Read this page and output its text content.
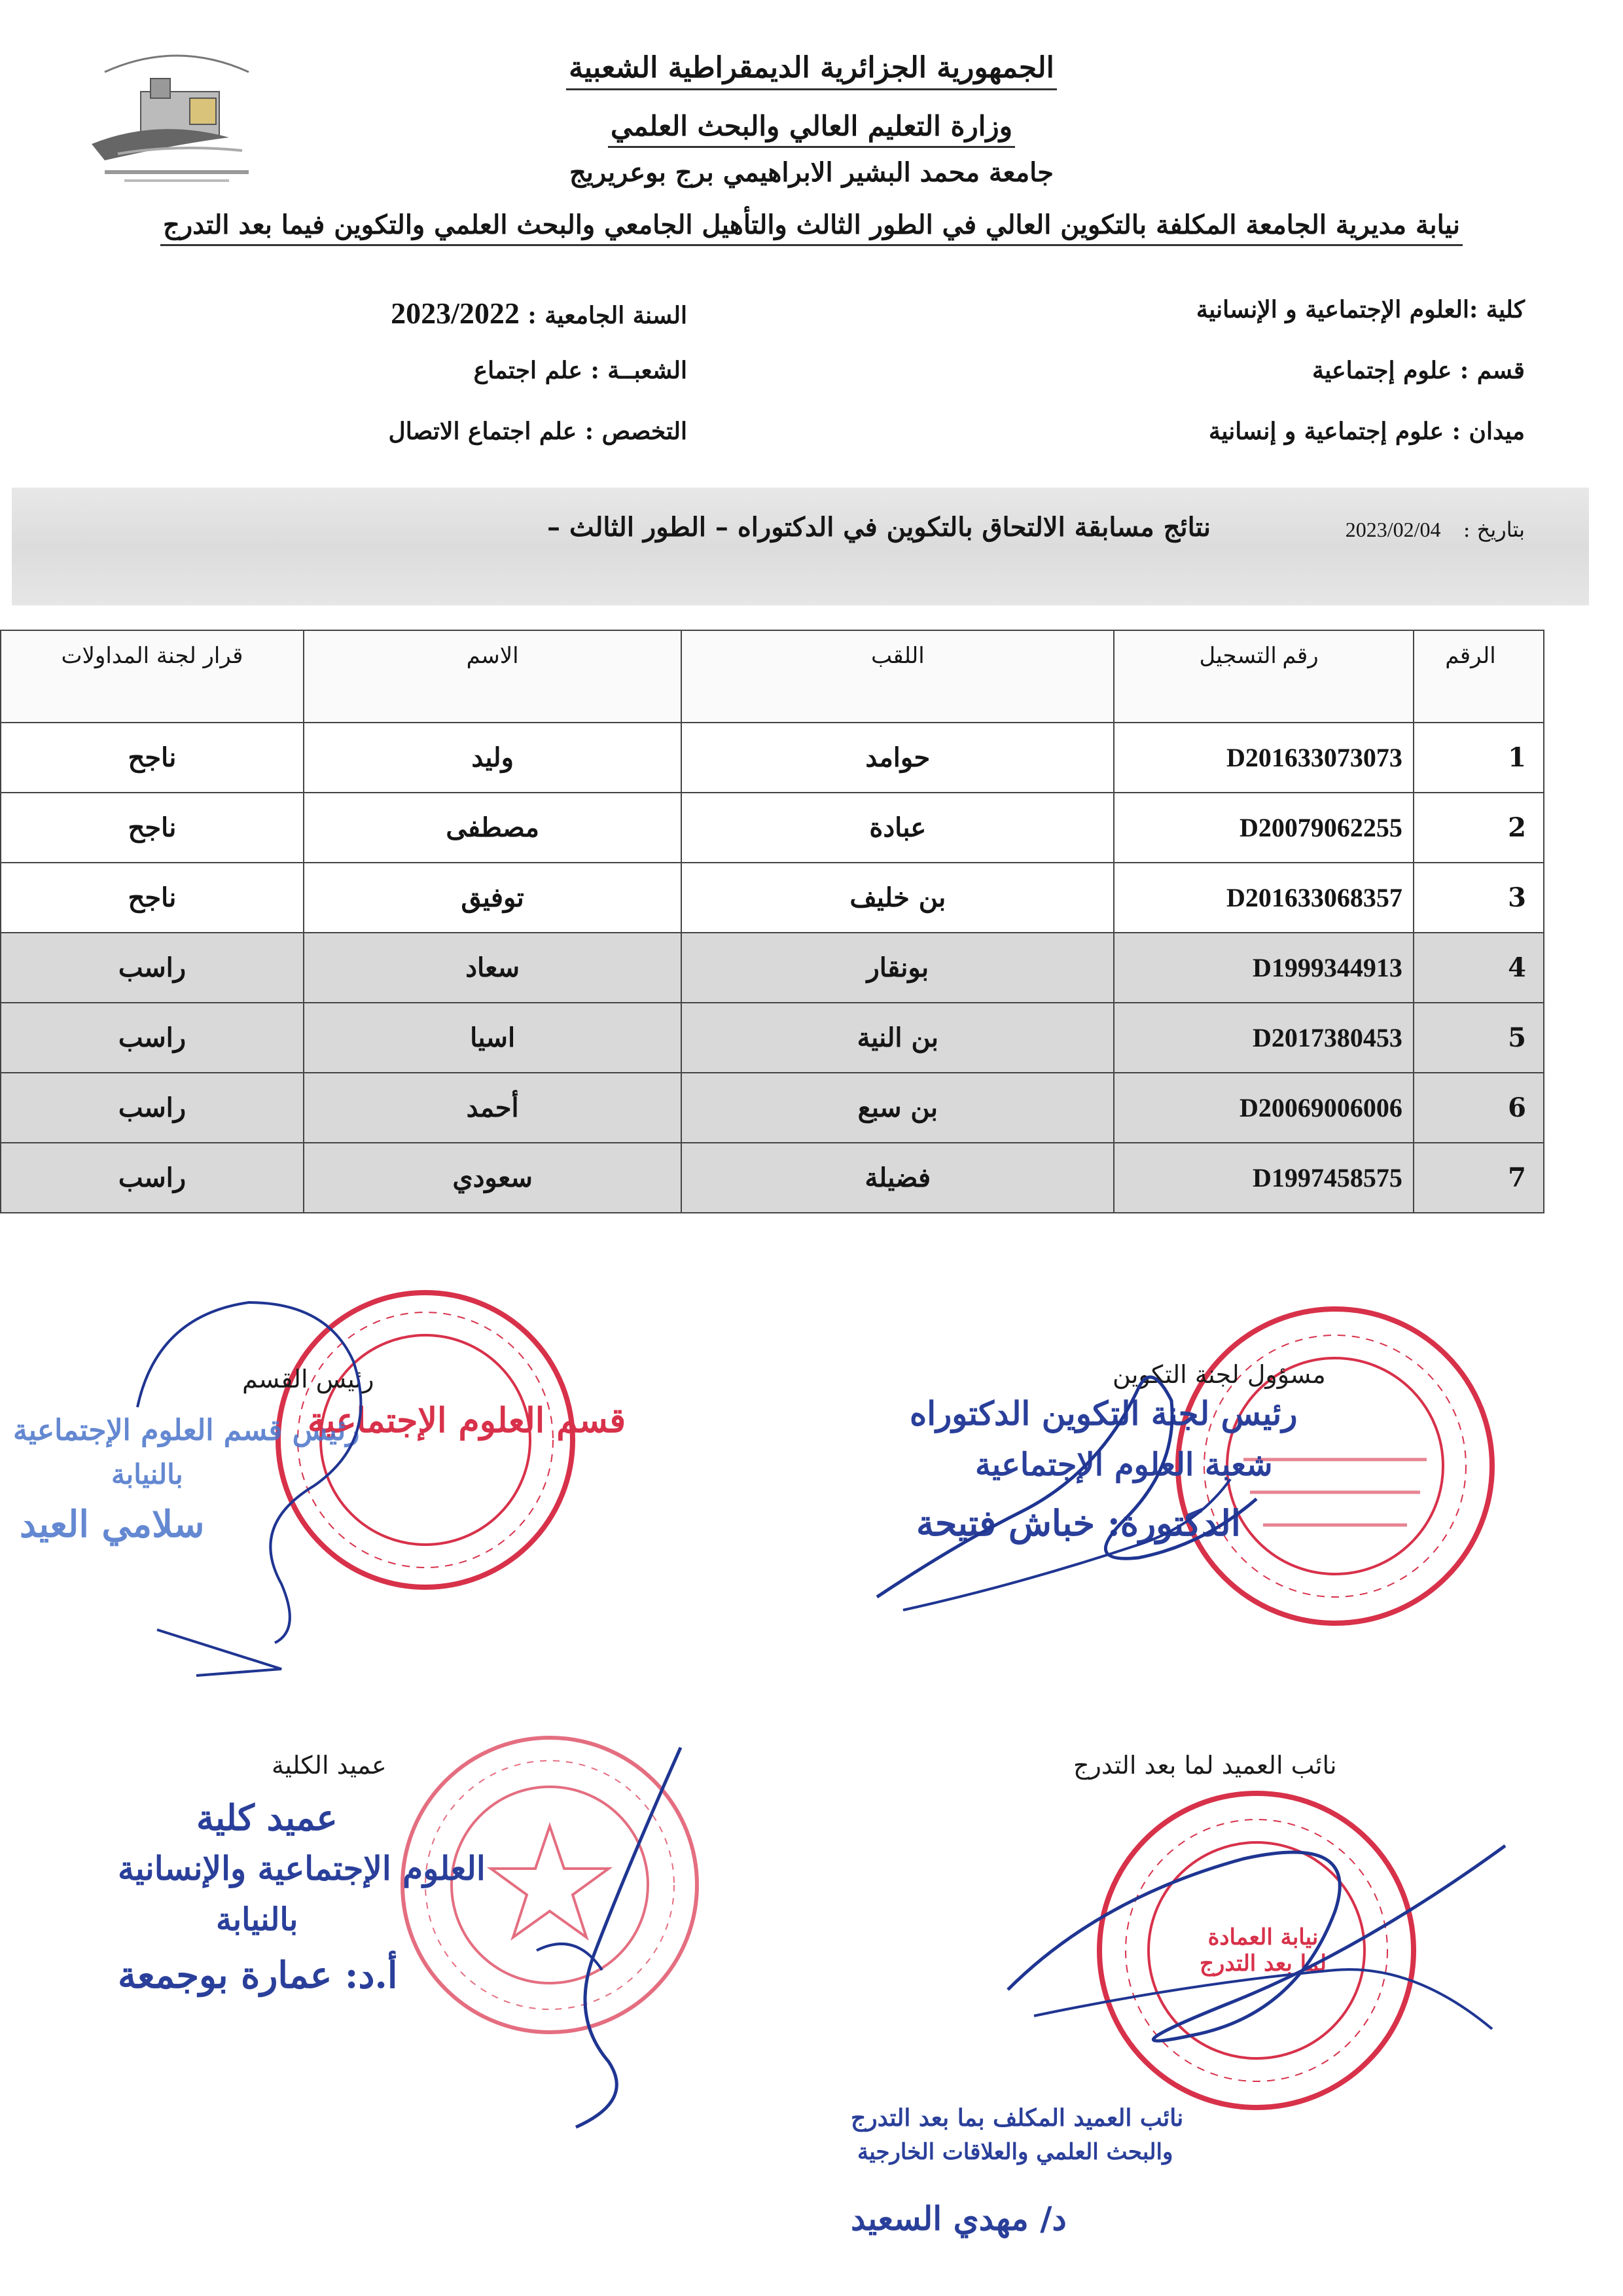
الجمهورية الجزائرية الديمقراطية الشعبية
وزارة التعليم العالي والبحث العلمي
جامعة محمد البشير الابراهيمي برج بوعريريج
نيابة مديرية الجامعة المكلفة بالتكوين العالي في الطور الثالث والتأهيل الجامعي والبحث العلمي والتكوين فيما بعد التدرج
كلية :العلوم الإجتماعية و الإنسانية
قسم : علوم إجتماعية
ميدان : علوم إجتماعية و إنسانية
السنة الجامعية : 2023/2022
الشعبــة : علم اجتماع
التخصص : علم اجتماع الاتصال
بتاريخ : 2023/02/04
نتائج مسابقة الالتحاق بالتكوين في الدكتوراه – الطور الثالث –
الرقم	رقم التسجيل	اللقب	الاسم	قرار لجنة المداولات
1	D201633073073	حوامد	وليد	ناجح
2	D20079062255	عبادة	مصطفى	ناجح
3	D201633068357	بن خليف	توفيق	ناجح
4	D1999344913	بونقار	سعاد	راسب
5	D2017380453	بن النية	اسيا	راسب
6	D20069006006	بن سبع	أحمد	راسب
7	D1997458575	فضيلة	سعودي	راسب
مسؤول لجنة التكوين
رئيس لجنة التكوين الدكتوراه
شعبة العلوم الإجتماعية
الدكتورة: خباش فتيحة
قسم العلوم الإجتماعية
رئيس القسم
رئيس قسم العلوم الإجتماعية
بالنيابة
سلامي العيد
نيابة العمادة لما بعد التدرج
نائب العميد لما بعد التدرج
نائب العميد المكلف بما بعد التدرج
والبحث العلمي والعلاقات الخارجية
د/ مهدي السعيد
عميد الكلية
عميد كلية
العلوم الإجتماعية والإنسانية
بالنيابة
أ.د: عمارة بوجمعة
